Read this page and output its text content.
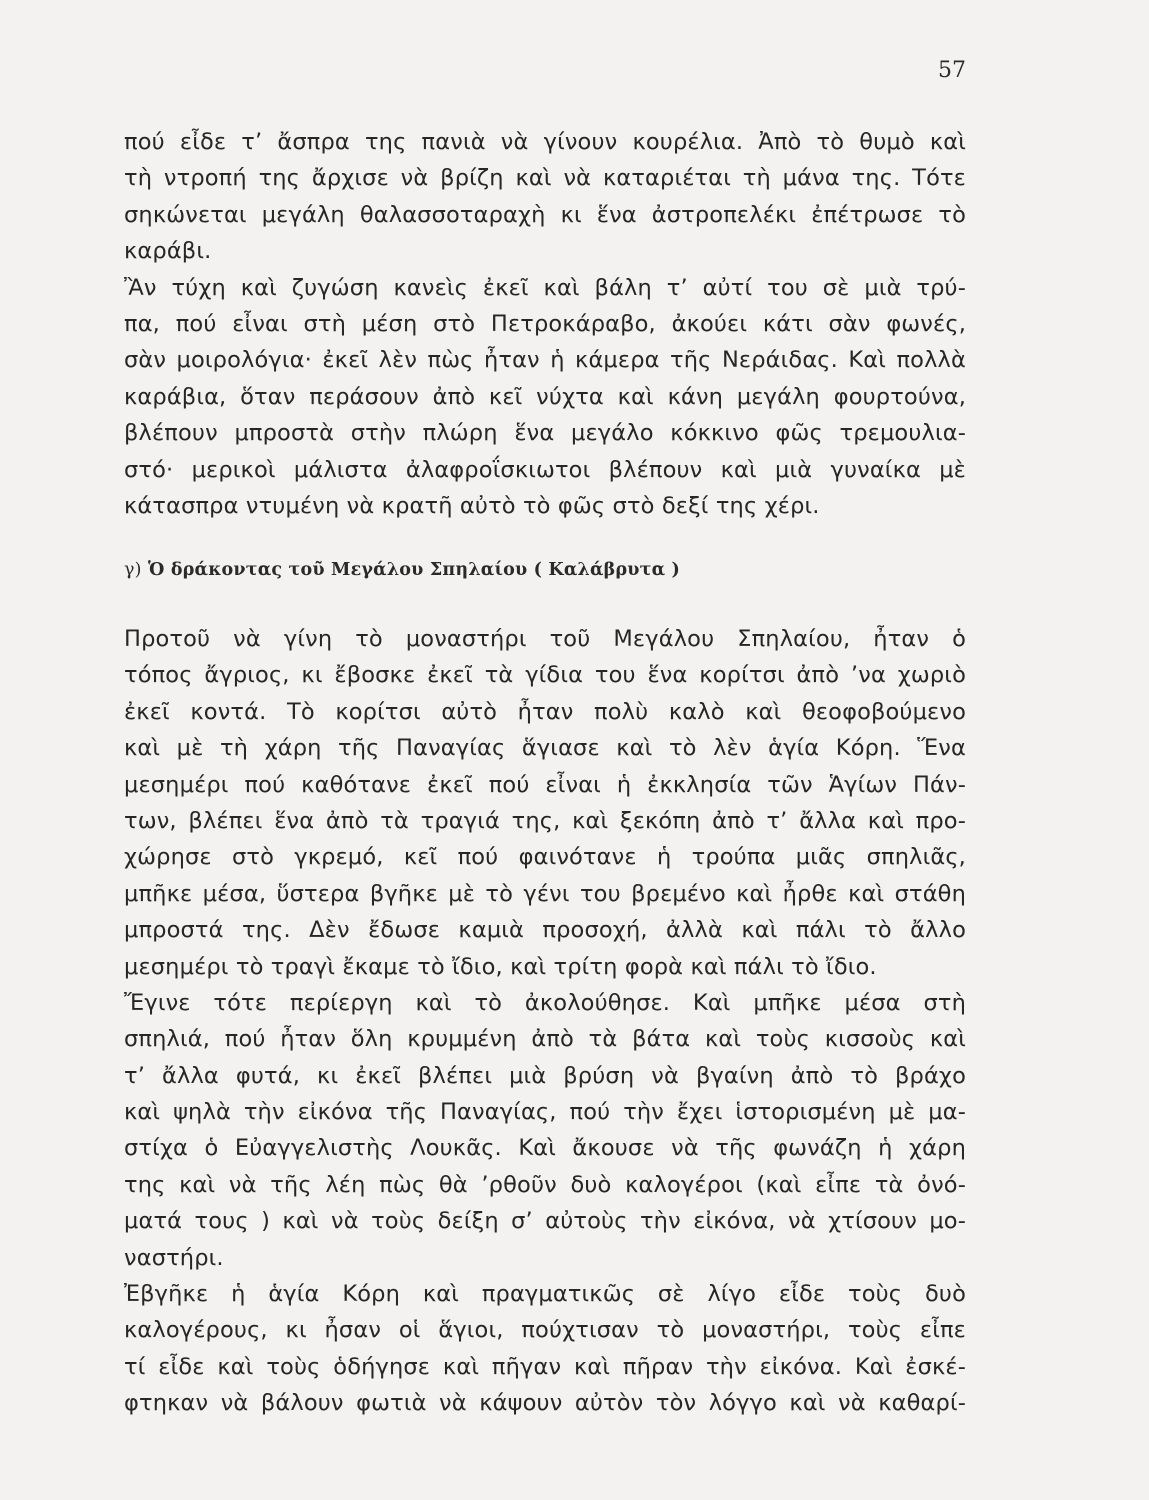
57
πού εἶδε τ’ ἄσπρα της πανιὰ νὰ γίνουν κουρέλια. Ἀπὸ τὸ θυμὸ καὶ
τὴ ντροπή της ἄρχισε νὰ βρίζη καὶ νὰ καταριέται τὴ μάνα της. Τότε
σηκώνεται μεγάλη θαλασσοταραχὴ κι ἕνα ἀστροπελέκι ἐπέτρωσε τὸ
καράβι.
Ἂν τύχη καὶ ζυγώση κανεὶς ἐκεῖ καὶ βάλη τ’ αὐτί του σὲ μιὰ τρύ-
πα, πού εἶναι στὴ μέση στὸ Πετροκάραβο, ἀκούει κάτι σὰν φωνές,
σὰν μοιρολόγια· ἐκεῖ λὲν πὼς ἦταν ἡ κάμερα τῆς Νεράιδας. Καὶ πολλὰ
καράβια, ὅταν περάσουν ἀπὸ κεῖ νύχτα καὶ κάνη μεγάλη φουρτούνα,
βλέπουν μπροστὰ στὴν πλώρη ἕνα μεγάλο κόκκινο φῶς τρεμουλια-
στό· μερικοὶ μάλιστα ἀλαφροΐσκιωτοι βλέπουν καὶ μιὰ γυναίκα μὲ
κάτασπρα ντυμένη νὰ κρατῆ αὐτὸ τὸ φῶς στὸ δεξί της χέρι.
γ) Ὁ δράκοντας τοῦ Μεγάλου Σπηλαίου ( Καλάβρυτα )
Προτοῦ νὰ γίνη τὸ μοναστήρι τοῦ Μεγάλου Σπηλαίου, ἦταν ὁ
τόπος ἄγριος, κι ἔβοσκε ἐκεῖ τὰ γίδια του ἕνα κορίτσι ἀπὸ ’να χωριὸ
ἐκεῖ κοντά. Τὸ κορίτσι αὐτὸ ἦταν πολὺ καλὸ καὶ θεοφοβούμενο
καὶ μὲ τὴ χάρη τῆς Παναγίας ἅγιασε καὶ τὸ λὲν ἁγία Κόρη. Ἕνα
μεσημέρι πού καθότανε ἐκεῖ πού εἶναι ἡ ἐκκλησία τῶν Ἁγίων Πάν-
των, βλέπει ἕνα ἀπὸ τὰ τραγιά της, καὶ ξεκόπη ἀπὸ τ’ ἄλλα καὶ προ-
χώρησε στὸ γκρεμό, κεῖ πού φαινότανε ἡ τρούπα μιᾶς σπηλιᾶς,
μπῆκε μέσα, ὕστερα βγῆκε μὲ τὸ γένι του βρεμένο καὶ ἦρθε καὶ στάθη
μπροστά της. Δὲν ἔδωσε καμιὰ προσοχή, ἀλλὰ καὶ πάλι τὸ ἄλλο
μεσημέρι τὸ τραγὶ ἔκαμε τὸ ἴδιο, καὶ τρίτη φορὰ καὶ πάλι τὸ ἴδιο.
Ἔγινε τότε περίεργη καὶ τὸ ἀκολούθησε. Καὶ μπῆκε μέσα στὴ
σπηλιά, πού ἦταν ὅλη κρυμμένη ἀπὸ τὰ βάτα καὶ τοὺς κισσοὺς καὶ
τ’ ἄλλα φυτά, κι ἐκεῖ βλέπει μιὰ βρύση νὰ βγαίνη ἀπὸ τὸ βράχο
καὶ ψηλὰ τὴν εἰκόνα τῆς Παναγίας, πού τὴν ἔχει ἱστορισμένη μὲ μα-
στίχα ὁ Εὐαγγελιστὴς Λουκᾶς. Καὶ ἄκουσε νὰ τῆς φωνάζη ἡ χάρη
της καὶ νὰ τῆς λέη πὼς θὰ ’ρθοῦν δυὸ καλογέροι (καὶ εἶπε τὰ ὀνό-
ματά τους ) καὶ νὰ τοὺς δείξη σ’ αὐτοὺς τὴν εἰκόνα, νὰ χτίσουν μο-
ναστήρι.
Ἐβγῆκε ἡ ἁγία Κόρη καὶ πραγματικῶς σὲ λίγο εἶδε τοὺς δυὸ
καλογέρους, κι ἦσαν οἱ ἅγιοι, πούχτισαν τὸ μοναστήρι, τοὺς εἶπε
τί εἶδε καὶ τοὺς ὁδήγησε καὶ πῆγαν καὶ πῆραν τὴν εἰκόνα. Καὶ ἐσκέ-
φτηκαν νὰ βάλουν φωτιὰ νὰ κάψουν αὐτὸν τὸν λόγγο καὶ νὰ καθαρί-
